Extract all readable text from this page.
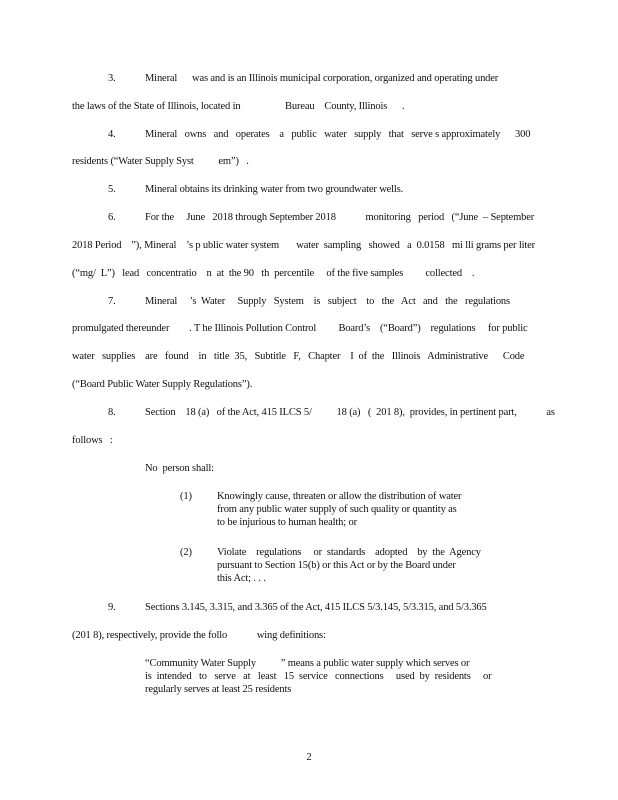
3.	Mineral      was and is an Illinois municipal corporation, organized and operating under
the laws of the State of Illinois, located in                  Bureau    County, Illinois      .
4.	Mineral   owns   and   operates    a   public   water   supply   that   serve s approximately      300
residents (“Water Supply Syst          em”)   .
5.	Mineral obtains its drinking water from two groundwater wells.
6.	For the     June   2018 through September 2018            monitoring   period   (“June  – September
2018 Period    ”), Mineral    ’s p ublic water system       water  sampling   showed   a  0.0158   mi lli grams per liter
(“mg/  L”)   lead   concentratio    n  at  the 90   th  percentile     of the five samples         collected    .
7.	Mineral     ’s  Water     Supply   System    is   subject    to   the   Act   and   the   regulations
promulgated thereunder        . T he Illinois Pollution Control         Board’s    (“Board”)    regulations     for public
water   supplies    are   found    in   title  35,   Subtitle   F,   Chapter    I  of  the   Illinois   Administrative      Code
(“Board Public Water Supply Regulations”).
8.	Section    18 (a)   of the Act, 415 ILCS 5/          18 (a)   (  201 8),  provides, in pertinent part,            as
follows   :
No  person shall:
(1) Knowingly cause, threaten or allow the distribution of water
from any public water supply of such quality or quantity as
to be injurious to human health; or
(2) Violate    regulations     or  standards    adopted    by  the  Agency
pursuant to Section 15(b) or this Act or by the Board under
this Act; . . .
9.	Sections 3.145, 3.315, and 3.365 of the Act, 415 ILCS 5/3.145, 5/3.315, and 5/3.365
(201 8), respectively, provide the follo            wing definitions:
“Community Water Supply          ” means a public water supply which serves or
is  intended   to   serve   at   least   15  service   connections     used  by  residents     or
regularly serves at least 25 residents
2
